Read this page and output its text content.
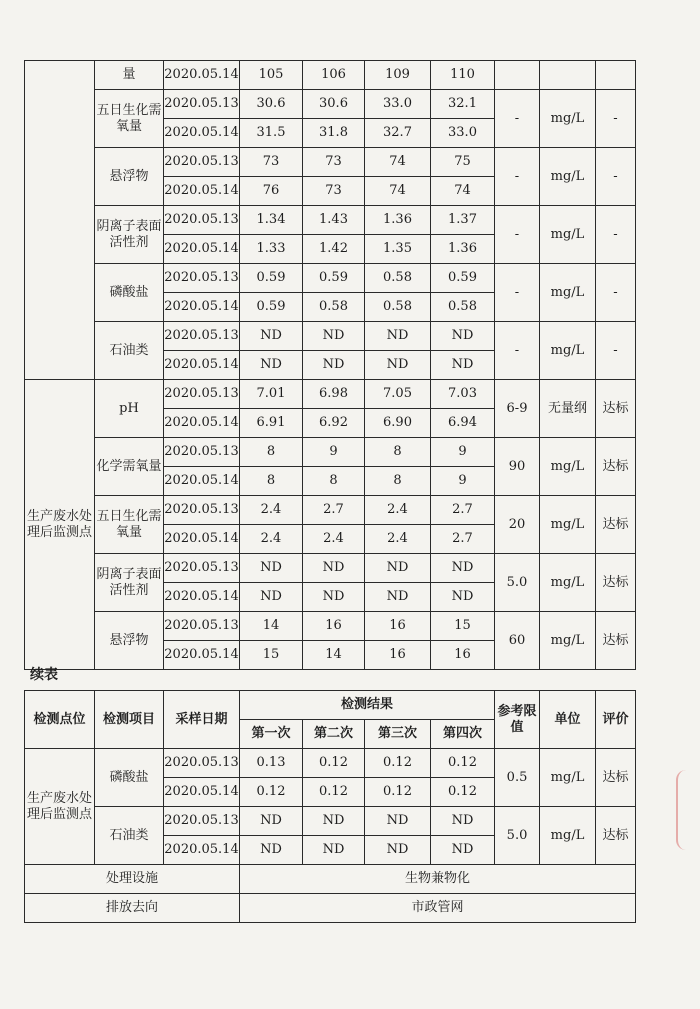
	量	2020.05.14	105	106	109	110			
	五日生化需氧量	2020.05.13	30.6	30.6	33.0	32.1	-	mg/L	-
		2020.05.14	31.5	31.8	32.7	33.0			
	悬浮物	2020.05.13	73	73	74	75	-	mg/L	-
		2020.05.14	76	73	74	74			
	阴离子表面活性剂	2020.05.13	1.34	1.43	1.36	1.37	-	mg/L	-
		2020.05.14	1.33	1.42	1.35	1.36			
	磷酸盐	2020.05.13	0.59	0.59	0.58	0.59	-	mg/L	-
		2020.05.14	0.59	0.58	0.58	0.58			
	石油类	2020.05.13	ND	ND	ND	ND	-	mg/L	-
		2020.05.14	ND	ND	ND	ND			
生产废水处理后监测点	pH	2020.05.13	7.01	6.98	7.05	7.03	6-9	无量纲	达标
		2020.05.14	6.91	6.92	6.90	6.94			
	化学需氧量	2020.05.13	8	9	8	9	90	mg/L	达标
		2020.05.14	8	8	8	9			
	五日生化需氧量	2020.05.13	2.4	2.7	2.4	2.7	20	mg/L	达标
		2020.05.14	2.4	2.4	2.4	2.7			
	阴离子表面活性剂	2020.05.13	ND	ND	ND	ND	5.0	mg/L	达标
		2020.05.14	ND	ND	ND	ND			
	悬浮物	2020.05.13	14	16	16	15	60	mg/L	达标
		2020.05.14	15	14	16	16			
续表
检测点位	检测项目	采样日期	检测结果				参考限值	单位	评价
			第一次	第二次	第三次	第四次			
生产废水处理后监测点	磷酸盐	2020.05.13	0.13	0.12	0.12	0.12	0.5	mg/L	达标
		2020.05.14	0.12	0.12	0.12	0.12			
	石油类	2020.05.13	ND	ND	ND	ND	5.0	mg/L	达标
		2020.05.14	ND	ND	ND	ND			
处理设施			生物兼物化						
排放去向			市政管网						
